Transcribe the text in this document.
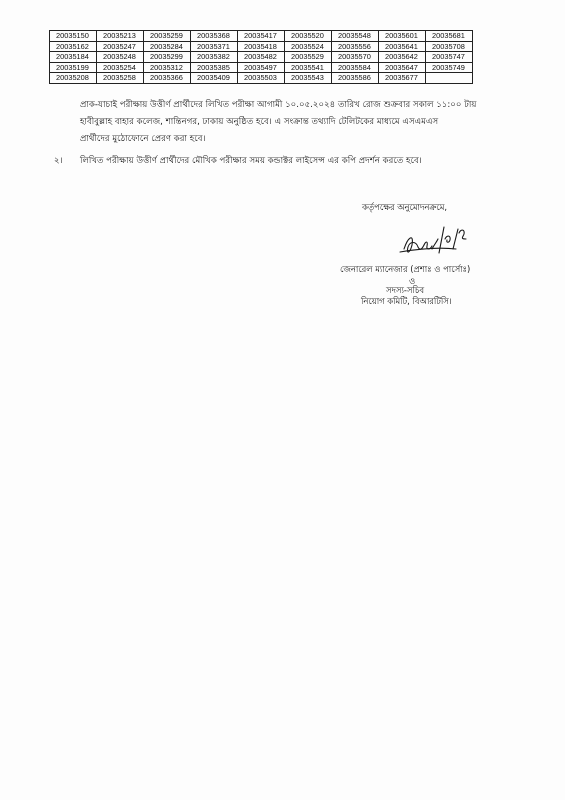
20035150	20035213	20035259	20035368	20035417	20035520	20035548	20035601	20035681
20035162	20035247	20035284	20035371	20035418	20035524	20035556	20035641	20035708
20035184	20035248	20035299	20035382	20035482	20035529	20035570	20035642	20035747
20035199	20035254	20035312	20035385	20035497	20035541	20035584	20035647	20035749
20035208	20035258	20035366	20035409	20035503	20035543	20035586	20035677	
প্রাক-যাচাই পরীক্ষায় উত্তীর্ণ প্রার্থীদের লিখিত পরীক্ষা আগামী ১০.০৫.২০২৪ তারিখ রোজ শুক্রবার সকাল ১১:০০ টায়
হাবীবুল্লাহ বাহার কলেজ, শান্তিনগর, ঢাকায় অনুষ্ঠিত হবে। এ সংক্রান্ত তথ্যাদি টেলিটকের মাধ্যমে এসএমএস
প্রার্থীদের মুঠোফোনে প্রেরণ করা হবে।
২। লিখিত পরীক্ষায় উত্তীর্ণ প্রার্থীদের মৌখিক পরীক্ষার সময় কন্ডাক্টর লাইসেন্স এর কপি প্রদর্শন করতে হবে।
কর্তৃপক্ষের অনুমোদনক্রমে,
জেনারেল ম্যানেজার (প্রশাঃ ও পার্সোঃ)
ও
সদস্য-সচিব
নিয়োগ কমিটি, বিআরটিসি।
